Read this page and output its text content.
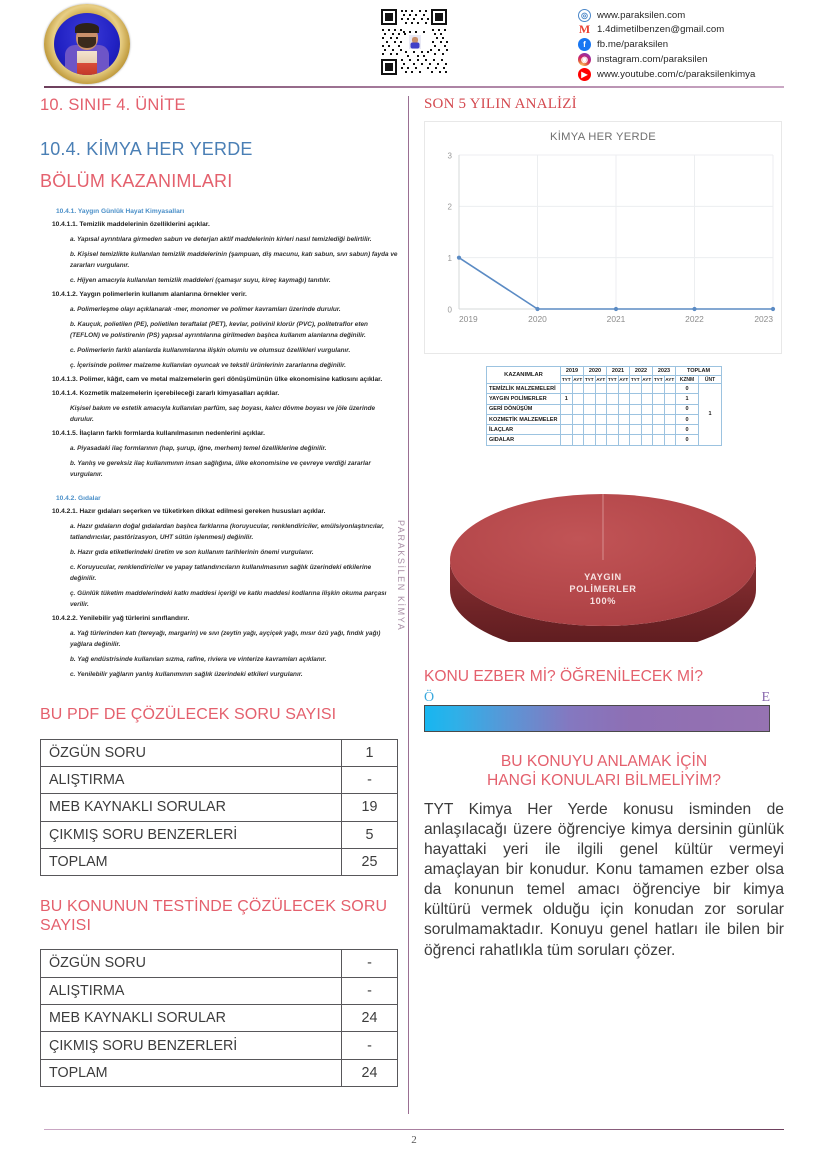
◎ www.paraksilen.com
M 1.4dimetilbenzen@gmail.com
f	fb.me/paraksilen
◉ instagram.com/paraksilen
▶ www.youtube.com/c/paraksilenkimya
PARAKSİLEN KİMYA
10. SINIF 4. ÜNİTE
10.4. KİMYA HER YERDE
BÖLÜM KAZANIMLARI
10.4.1. Yaygın Günlük Hayat Kimyasalları
10.4.1.1. Temizlik maddelerinin özelliklerini açıklar.
a. Yapısal ayrıntılara girmeden sabun ve deterjan aktif maddelerinin kirleri nasıl temizlediği belirtilir.
b. Kişisel temizlikte kullanılan temizlik maddelerinin (şampuan, diş macunu, katı sabun, sıvı sabun) fayda ve zararları vurgulanır.
c. Hijyen amacıyla kullanılan temizlik maddeleri (çamaşır suyu, kireç kaymağı) tanıtılır.
10.4.1.2. Yaygın polimerlerin kullanım alanlarına örnekler verir.
a. Polimerleşme olayı açıklanarak -mer, monomer ve polimer kavramları üzerinde durulur.
b. Kauçuk, polietilen (PE), polietilen teraftalat (PET), kevlar, polivinil klorür (PVC), politetraflor eten (TEFLON) ve polistirenin (PS) yapısal ayrıntılarına girilmeden başlıca kullanım alanlarına değinilir.
c. Polimerlerin farklı alanlarda kullanımlarına ilişkin olumlu ve olumsuz özellikleri vurgulanır.
ç. İçerisinde polimer malzeme kullanılan oyuncak ve tekstil ürünlerinin zararlarına değinilir.
10.4.1.3. Polimer, kâğıt, cam ve metal malzemelerin geri dönüşümünün ülke ekonomisine katkısını açıklar.
10.4.1.4. Kozmetik malzemelerin içerebileceği zararlı kimyasalları açıklar.
Kişisel bakım ve estetik amacıyla kullanılan parfüm, saç boyası, kalıcı dövme boyası ve jöle üzerinde durulur.
10.4.1.5. İlaçların farklı formlarda kullanılmasının nedenlerini açıklar.
a. Piyasadaki ilaç formlarının (hap, şurup, iğne, merhem) temel özelliklerine değinilir.
b. Yanlış ve gereksiz ilaç kullanımının insan sağlığına, ülke ekonomisine ve çevreye verdiği zararlar vurgulanır.
10.4.2. Gıdalar
10.4.2.1. Hazır gıdaları seçerken ve tüketirken dikkat edilmesi gereken hususları açıklar.
a. Hazır gıdaların doğal gıdalardan başlıca farklarına (koruyucular, renklendiriciler, emülsiyonlaştırıcılar, tatlandırıcılar, pastörizasyon, UHT sütün işlenmesi) değinilir.
b. Hazır gıda etiketlerindeki üretim ve son kullanım tarihlerinin önemi vurgulanır.
c. Koruyucular, renklendiriciler ve yapay tatlandırıcıların kullanılmasının sağlık üzerindeki etkilerine değinilir.
ç. Günlük tüketim maddelerindeki katkı maddesi içeriği ve katkı maddesi kodlarına ilişkin okuma parçası verilir.
10.4.2.2. Yenilebilir yağ türlerini sınıflandırır.
a. Yağ türlerinden katı (tereyağı, margarin) ve sıvı (zeytin yağı, ayçiçek yağı, mısır özü yağı, fındık yağı) yağlara değinilir.
b. Yağ endüstrisinde kullanılan sızma, rafine, riviera ve vinterize kavramları açıklanır.
c. Yenilebilir yağların yanlış kullanımının sağlık üzerindeki etkileri vurgulanır.
BU PDF DE ÇÖZÜLECEK SORU SAYISI
ÖZGÜN SORU	1
ALIŞTIRMA	-
MEB KAYNAKLI SORULAR	19
ÇIKMIŞ SORU BENZERLERİ	5
TOPLAM	25
BU KONUNUN TESTİNDE ÇÖZÜLECEK SORU SAYISI
ÖZGÜN SORU	-
ALIŞTIRMA	-
MEB KAYNAKLI SORULAR	24
ÇIKMIŞ SORU BENZERLERİ	-
TOPLAM	24
SON 5 YILIN ANALİZİ
KİMYA HER YERDE
0
1
2
3
2019	2020	2021	2022	2023
KAZANIMLAR	2019		2020		2021		2022		2023		TOPLAM	
	TYT	AYT	TYT	AYT	TYT	AYT	TYT	AYT	TYT	AYT	KZNM	ÜNT
TEMİZLİK MALZEMELERİ											0	1
YAYGIN POLİMERLER	1										1	
GERİ DÖNÜŞÜM											0	
KOZMETİK MALZEMELER											0	
İLAÇLAR											0	
GIDALAR											0	
YAYGIN
POLİMERLER
100%
KONU EZBER Mİ? ÖĞRENİLECEK Mİ?
Ö	E
BU KONUYU ANLAMAK İÇİN
HANGİ KONULARI BİLMELİYİM?
TYT Kimya Her Yerde konusu isminden de anlaşılacağı üzere öğrenciye kimya dersinin günlük hayattaki yeri ile ilgili genel kültür vermeyi amaçlayan bir konudur. Konu tamamen ezber olsa da konunun temel amacı öğrenciye bir kimya kültürü vermek olduğu için konudan zor sorular sorulmamaktadır. Konuyu genel hatları ile bilen bir öğrenci rahatlıkla tüm soruları çözer.
2
